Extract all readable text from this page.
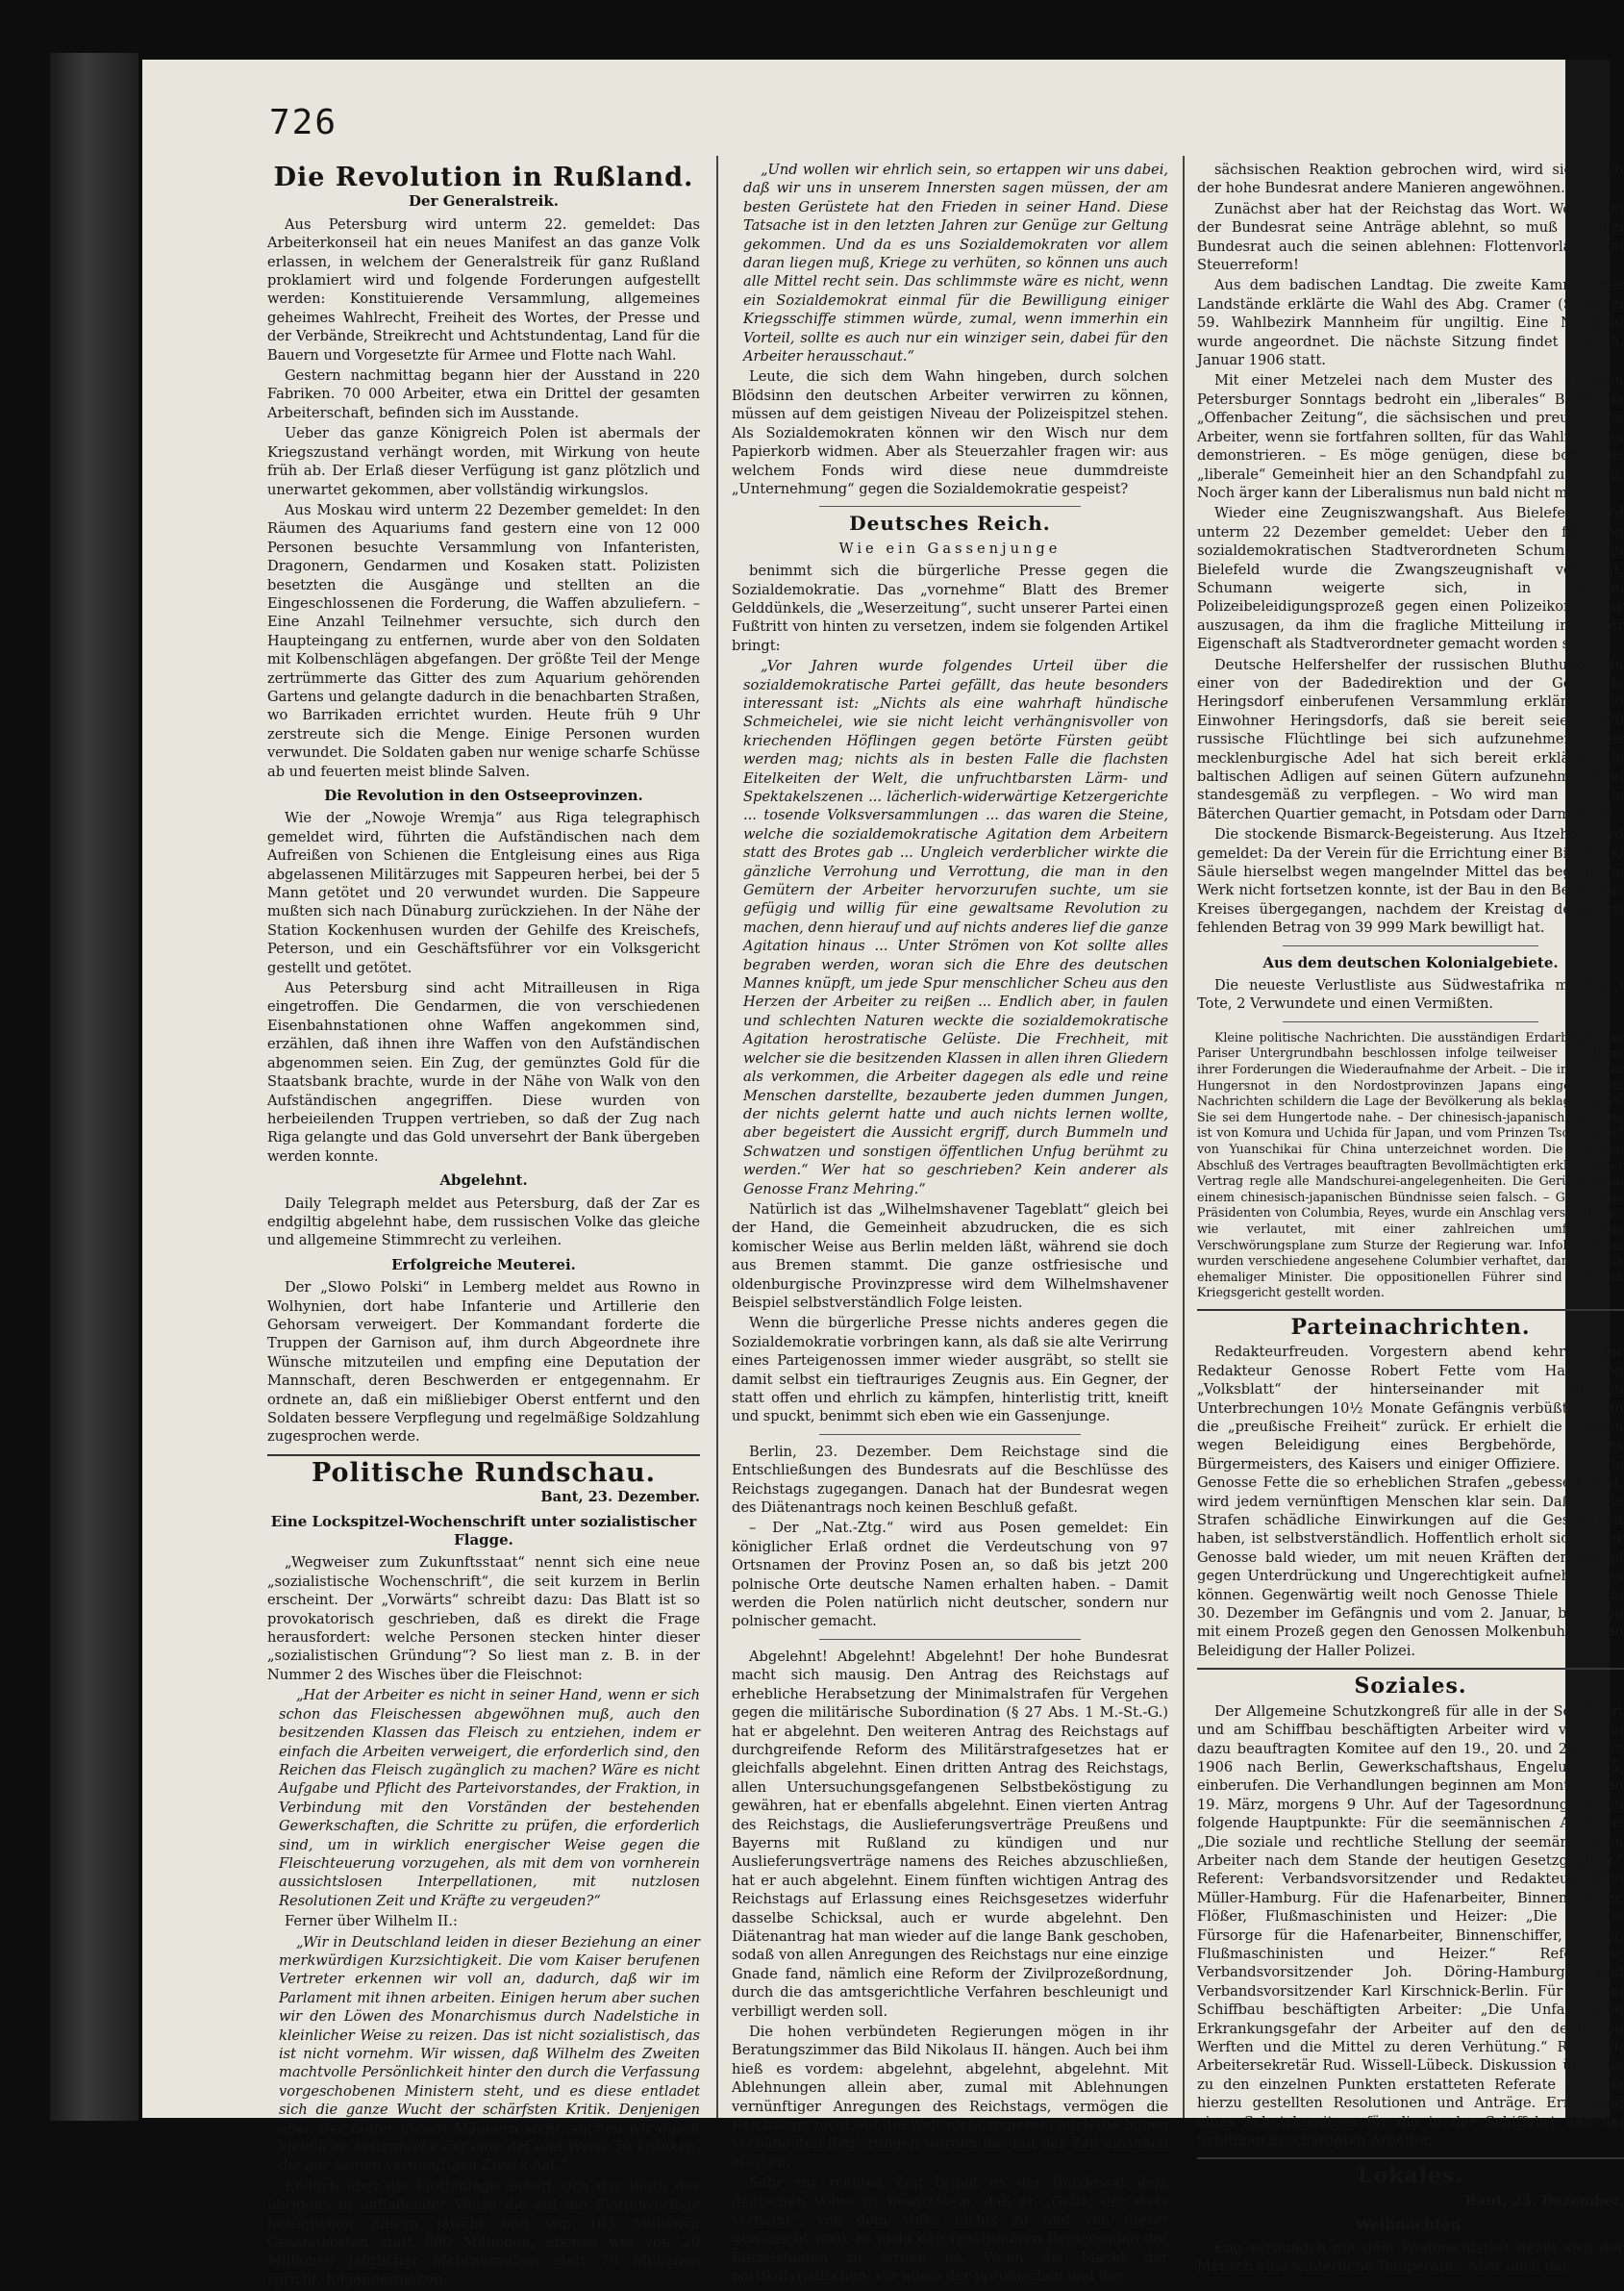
726
Die Revolution in Rußland.
Der Generalstreik.

Aus Petersburg wird unterm 22. gemeldet: Das Arbeiterkonseil hat ein neues Manifest an das ganze Volk erlassen, in welchem der Generalstreik für ganz Rußland proklamiert wird und folgende Forderungen aufgestellt werden: Konstituierende Versammlung, allgemeines geheimes Wahlrecht, Freiheit des Wortes, der Presse und der Verbände, Streikrecht und Achtstundentag, Land für die Bauern und Vorgesetzte für Armee und Flotte nach Wahl.

Gestern nachmittag begann hier der Ausstand in 220 Fabriken. 70 000 Arbeiter, etwa ein Drittel der gesamten Arbeiterschaft, befinden sich im Ausstande.

Ueber das ganze Königreich Polen ist abermals der Kriegszustand verhängt worden, mit Wirkung von heute früh ab. Der Erlaß dieser Verfügung ist ganz plötzlich und unerwartet gekommen, aber vollständig wirkungslos.

Aus Moskau wird unterm 22 Dezember gemeldet: In den Räumen des Aquariums fand gestern eine von 12 000 Personen besuchte Versammlung von Infanteristen, Dragonern, Gendarmen und Kosaken statt. Polizisten besetzten die Ausgänge und stellten an die Eingeschlossenen die Forderung, die Waffen abzuliefern. – Eine Anzahl Teilnehmer versuchte, sich durch den Haupteingang zu entfernen, wurde aber von den Soldaten mit Kolbenschlägen abgefangen. Der größte Teil der Menge zertrümmerte das Gitter des zum Aquarium gehörenden Gartens und gelangte dadurch in die benachbarten Straßen, wo Barrikaden errichtet wurden. Heute früh 9 Uhr zerstreute sich die Menge. Einige Personen wurden verwundet. Die Soldaten gaben nur wenige scharfe Schüsse ab und feuerten meist blinde Salven.

Die Revolution in den Ostseeprovinzen.

Wie der „Nowoje Wremja“ aus Riga telegraphisch gemeldet wird, führten die Aufständischen nach dem Aufreißen von Schienen die Entgleisung eines aus Riga abgelassenen Militärzuges mit Sappeuren herbei, bei der 5 Mann getötet und 20 verwundet wurden. Die Sappeure mußten sich nach Dünaburg zurückziehen. In der Nähe der Station Kockenhusen wurden der Gehilfe des Kreischefs, Peterson, und ein Geschäftsführer vor ein Volksgericht gestellt und getötet.

Aus Petersburg sind acht Mitrailleusen in Riga eingetroffen. Die Gendarmen, die von verschiedenen Eisenbahnstationen ohne Waffen angekommen sind, erzählen, daß ihnen ihre Waffen von den Aufständischen abgenommen seien. Ein Zug, der gemünztes Gold für die Staatsbank brachte, wurde in der Nähe von Walk von den Aufständischen angegriffen. Diese wurden von herbeieilenden Truppen vertrieben, so daß der Zug nach Riga gelangte und das Gold unversehrt der Bank übergeben werden konnte.

Abgelehnt.

Daily Telegraph meldet aus Petersburg, daß der Zar es endgiltig abgelehnt habe, dem russischen Volke das gleiche und allgemeine Stimmrecht zu verleihen.

Erfolgreiche Meuterei.

Der „Slowo Polski“ in Lemberg meldet aus Rowno in Wolhynien, dort habe Infanterie und Artillerie den Gehorsam verweigert. Der Kommandant forderte die Truppen der Garnison auf, ihm durch Abgeordnete ihre Wünsche mitzuteilen und empfing eine Deputation der Mannschaft, deren Beschwerden er entgegennahm. Er ordnete an, daß ein mißliebiger Oberst entfernt und den Soldaten bessere Verpflegung und regelmäßige Soldzahlung zugesprochen werde.

Politische Rundschau.
Bant, 23. Dezember.
Eine Lockspitzel-Wochenschrift unter sozialistischer Flagge.

„Wegweiser zum Zukunftsstaat“ nennt sich eine neue „sozialistische Wochenschrift“, die seit kurzem in Berlin erscheint. Der „Vorwärts“ schreibt dazu: Das Blatt ist so provokatorisch geschrieben, daß es direkt die Frage herausfordert: welche Personen stecken hinter dieser „sozialistischen Gründung“? So liest man z. B. in der Nummer 2 des Wisches über die Fleischnot:

„Hat der Arbeiter es nicht in seiner Hand, wenn er sich schon das Fleischessen abgewöhnen muß, auch den besitzenden Klassen das Fleisch zu entziehen, indem er einfach die Arbeiten verweigert, die erforderlich sind, den Reichen das Fleisch zugänglich zu machen? Wäre es nicht Aufgabe und Pflicht des Parteivorstandes, der Fraktion, in Verbindung mit den Vorständen der bestehenden Gewerkschaften, die Schritte zu prüfen, die erforderlich sind, um in wirklich energischer Weise gegen die Fleischteuerung vorzugehen, als mit dem von vornherein aussichtslosen Interpellationen, mit nutzlosen Resolutionen Zeit und Kräfte zu vergeuden?“

Ferner über Wilhelm II.:

„Wir in Deutschland leiden in dieser Beziehung an einer merkwürdigen Kurzsichtigkeit. Die vom Kaiser berufenen Vertreter erkennen wir voll an, dadurch, daß wir im Parlament mit ihnen arbeiten. Einigen herum aber suchen wir den Löwen des Monarchismus durch Nadelstiche in kleinlicher Weise zu reizen. Das ist nicht sozialistisch, das ist nicht vornehm. Wir wissen, daß Wilhelm des Zweiten machtvolle Persönlichkeit hinter den durch die Verfassung vorgeschobenen Ministern steht, und es diese entladet sich die ganze Wucht der schärfsten Kritik. Denjenigen aber, der hinter diesen Männern steht, suchen wir durch kleinliche Seitenhiebe auf eine Art und Weise zu kränken, die gar keinen vernünftigen Zweck hat.“

Endlich über die Flottenlage äußert sich das Blatt, das übrigens in auffallender Weise die auf die Flottenvorlage bezüglichen Ziffern fälscht und von 165 Millionen Gesamtkosten statt 800 Millionen, ebenso wie von 20 Millionen jährlicher Mehrausgaben statt 70 Millionen spricht, folgendermaßen:

„Und wollen wir ehrlich sein, so ertappen wir uns dabei, daß wir uns in unserem Innersten sagen müssen, der am besten Gerüstete hat den Frieden in seiner Hand. Diese Tatsache ist in den letzten Jahren zur Genüge zur Geltung gekommen. Und da es uns Sozialdemokraten vor allem daran liegen muß, Kriege zu verhüten, so können uns auch alle Mittel recht sein. Das schlimmste wäre es nicht, wenn ein Sozialdemokrat einmal für die Bewilligung einiger Kriegsschiffe stimmen würde, zumal, wenn immerhin ein Vorteil, sollte es auch nur ein winziger sein, dabei für den Arbeiter herausschaut.“

Leute, die sich dem Wahn hingeben, durch solchen Blödsinn den deutschen Arbeiter verwirren zu können, müssen auf dem geistigen Niveau der Polizeispitzel stehen. Als Sozialdemokraten können wir den Wisch nur dem Papierkorb widmen. Aber als Steuerzahler fragen wir: aus welchem Fonds wird diese neue dummdreiste „Unternehmung“ gegen die Sozialdemokratie gespeist?

Deutsches Reich.
Wie ein Gassenjunge

benimmt sich die bürgerliche Presse gegen die Sozialdemokratie. Das „vornehme“ Blatt des Bremer Gelddünkels, die „Weserzeitung“, sucht unserer Partei einen Fußtritt von hinten zu versetzen, indem sie folgenden Artikel bringt:

„Vor Jahren wurde folgendes Urteil über die sozialdemokratische Partei gefällt, das heute besonders interessant ist: „Nichts als eine wahrhaft hündische Schmeichelei, wie sie nicht leicht verhängnisvoller von kriechenden Höflingen gegen betörte Fürsten geübt werden mag; nichts als in besten Falle die flachsten Eitelkeiten der Welt, die unfruchtbarsten Lärm- und Spektakelszenen ... lächerlich-widerwärtige Ketzergerichte ... tosende Volksversammlungen ... das waren die Steine, welche die sozialdemokratische Agitation dem Arbeitern statt des Brotes gab ... Ungleich verderblicher wirkte die gänzliche Verrohung und Verrottung, die man in den Gemütern der Arbeiter hervorzurufen suchte, um sie gefügig und willig für eine gewaltsame Revolution zu machen, denn hierauf und auf nichts anderes lief die ganze Agitation hinaus ... Unter Strömen von Kot sollte alles begraben werden, woran sich die Ehre des deutschen Mannes knüpft, um jede Spur menschlicher Scheu aus den Herzen der Arbeiter zu reißen ... Endlich aber, in faulen und schlechten Naturen weckte die sozialdemokratische Agitation herostratische Gelüste. Die Frechheit, mit welcher sie die besitzenden Klassen in allen ihren Gliedern als verkommen, die Arbeiter dagegen als edle und reine Menschen darstellte, bezauberte jeden dummen Jungen, der nichts gelernt hatte und auch nichts lernen wollte, aber begeistert die Aussicht ergriff, durch Bummeln und Schwatzen und sonstigen öffentlichen Unfug berühmt zu werden.“ Wer hat so geschrieben? Kein anderer als Genosse Franz Mehring.“

Natürlich ist das „Wilhelmshavener Tageblatt“ gleich bei der Hand, die Gemeinheit abzudrucken, die es sich komischer Weise aus Berlin melden läßt, während sie doch aus Bremen stammt. Die ganze ostfriesische und oldenburgische Provinzpresse wird dem Wilhelmshavener Beispiel selbstverständlich Folge leisten.

Wenn die bürgerliche Presse nichts anderes gegen die Sozialdemokratie vorbringen kann, als daß sie alte Verirrung eines Parteigenossen immer wieder ausgräbt, so stellt sie damit selbst ein tieftrauriges Zeugnis aus. Ein Gegner, der statt offen und ehrlich zu kämpfen, hinterlistig tritt, kneift und spuckt, benimmt sich eben wie ein Gassenjunge.

Berlin, 23. Dezember. Dem Reichstage sind die Entschließungen des Bundesrats auf die Beschlüsse des Reichstags zugegangen. Danach hat der Bundesrat wegen des Diätenantrags noch keinen Beschluß gefaßt.

– Der „Nat.-Ztg.“ wird aus Posen gemeldet: Ein königlicher Erlaß ordnet die Verdeutschung von 97 Ortsnamen der Provinz Posen an, so daß bis jetzt 200 polnische Orte deutsche Namen erhalten haben. – Damit werden die Polen natürlich nicht deutscher, sondern nur polnischer gemacht.

Abgelehnt! Abgelehnt! Abgelehnt! Der hohe Bundesrat macht sich mausig. Den Antrag des Reichstags auf erhebliche Herabsetzung der Minimalstrafen für Vergehen gegen die militärische Subordination (§ 27 Abs. 1 M.-St.-G.) hat er abgelehnt. Den weiteren Antrag des Reichstags auf durchgreifende Reform des Militärstrafgesetzes hat er gleichfalls abgelehnt. Einen dritten Antrag des Reichstags, allen Untersuchungsgefangenen Selbstbeköstigung zu gewähren, hat er ebenfalls abgelehnt. Einen vierten Antrag des Reichstags, die Auslieferungsverträge Preußens und Bayerns mit Rußland zu kündigen und nur Auslieferungsverträge namens des Reiches abzuschließen, hat er auch abgelehnt. Einem fünften wichtigen Antrag des Reichstags auf Erlassung eines Reichsgesetzes widerfuhr dasselbe Schicksal, auch er wurde abgelehnt. Den Diätenantrag hat man wieder auf die lange Bank geschoben, sodaß von allen Anregungen des Reichstags nur eine einzige Gnade fand, nämlich eine Reform der Zivilprozeßordnung, durch die das amtsgerichtliche Verfahren beschleunigt und verbilligt werden soll.

Die hohen verbündeten Regierungen mögen in ihr Beratungszimmer das Bild Nikolaus II. hängen. Auch bei ihm hieß es vordem: abgelehnt, abgelehnt, abgelehnt. Mit Ablehnungen allein aber, zumal mit Ablehnungen vernünftiger Anregungen des Reichstags, vermögen die Reichstags nicht auf die Welt nicht regieren; auch die hohen verbündeten Regierungen werden das mit der Zeit einsehen müssen.

Sehr zur rechten Zeit bringt es der Bundesrat dem deutschen Volke zu Bewußtsein, daß er „Geist, der stets verneint“, von dem Volke nichts zu und von dieser gewünscht wird, es nicht den reaktionären Regierungen der Einzelstaaten zu lernen ist. Wenn die Macht der partikularistischen, vor allem der preußischen und der

sächsischen Reaktion gebrochen wird, wird sich auch der hohe Bundesrat andere Manieren angewöhnen.

Zunächst aber hat der Reichstag das Wort. Wenn ihm der Bundesrat seine Anträge ablehnt, so muß er dem Bundesrat auch die seinen ablehnen: Flottenvorlage und Steuerreform!

Aus dem badischen Landtag. Die zweite Kammer der Landstände erklärte die Wahl des Abg. Cramer (Soz.) im 59. Wahlbezirk Mannheim für ungiltig. Eine Neuwahl wurde angeordnet. Die nächste Sitzung findet am 15. Januar 1906 statt.

Mit einer Metzelei nach dem Muster des blutigen Petersburger Sonntags bedroht ein „liberales“ Blatt, die „Offenbacher Zeitung“, die sächsischen und preußischen Arbeiter, wenn sie fortfahren sollten, für das Wahlrecht zu demonstrieren. – Es möge genügen, diese bodenlose „liberale“ Gemeinheit hier an den Schandpfahl zu nageln. Noch ärger kann der Liberalismus nun bald nicht mehr.

Wieder eine Zeugniszwangshaft. Aus Bielefeld wird unterm 22 Dezember gemeldet: Ueber den früheren sozialdemokratischen Stadtverordneten Schumann in Bielefeld wurde die Zwangszeugnishaft verhängt. Schumann weigerte sich, in einem Polizeibeleidigungsprozeß gegen einen Polizeikommissar auszusagen, da ihm die fragliche Mitteilung in seiner Eigenschaft als Stadtverordneter gemacht worden sei.

Deutsche Helfershelfer der russischen Bluthunde. In einer von der Badedirektion und der Gemeinde Heringsdorf einberufenen Versammlung erklärten 80 Einwohner Heringsdorfs, daß sie bereit seien, 170 russische Flüchtlinge bei sich aufzunehmen. Der mecklenburgische Adel hat sich bereit erklärt, die baltischen Adligen auf seinen Gütern aufzunehmen und standesgemäß zu verpflegen. – Wo wird man für die Bäterchen Quartier gemacht, in Potsdam oder Darmstadt?

Die stockende Bismarck-Begeisterung. Aus Itzehoe wird gemeldet: Da der Verein für die Errichtung einer Bismarck-Säule hierselbst wegen mangelnder Mittel das begonnene Werk nicht fortsetzen konnte, ist der Bau in den Besitz des Kreises übergegangen, nachdem der Kreistag den noch fehlenden Betrag von 39 999 Mark bewilligt hat.

Aus dem deutschen Kolonialgebiete.

Die neueste Verlustliste aus Südwestafrika meldet 3 Tote, 2 Verwundete und einen Vermißten.

Kleine politische Nachrichten. Die ausständigen Erdarbeiter der Pariser Untergrundbahn beschlossen infolge teilweiser Erfüllung ihrer Forderungen die Wiederaufnahme der Arbeit. – Die infolge der Hungersnot in den Nordostprovinzen Japans eingelaufenen Nachrichten schildern die Lage der Bevölkerung als beklagenswert. Sie sei dem Hungertode nahe. – Der chinesisch-japanische Vertrag ist von Komura und Uchida für Japan, und vom Prinzen Tsching und von Yuanschikai für China unterzeichnet worden. Die für den Abschluß des Vertrages beauftragten Bevollmächtigten erklären, der Vertrag regle alle Mandschurei-angelegenheiten. Die Gerüchte von einem chinesisch-japanischen Bündnisse seien falsch. – Gegen den Präsidenten von Columbia, Reyes, wurde ein Anschlag versucht, der, wie verlautet, mit einer zahlreichen umfassenden Verschwörungsplane zum Sturze der Regierung war. Infolgedessen wurden verschiedene angesehene Columbier verhaftet, darunter ein ehemaliger Minister. Die oppositionellen Führer sind vor ein Kriegsgericht gestellt worden.

Parteinachrichten.

Redakteurfreuden. Vorgestern abend kehrte der Redakteur Genosse Robert Fette vom Halleschen „Volksblatt“ der hinterseinander mit einigen Unterbrechungen 10½ Monate Gefängnis verbüßt hat, in die „preußische Freiheit“ zurück. Er erhielt die Strafen wegen Beleidigung eines Bergbehörde, eines Bürgermeisters, des Kaisers und einiger Offiziere. Wer wie Genosse Fette die so erheblichen Strafen „gebessert“ hat, wird jedem vernünftigen Menschen klar sein. Daß solche Strafen schädliche Einwirkungen auf die Gesundheit haben, ist selbstverständlich. Hoffentlich erholt sich unser Genosse bald wieder, um mit neuen Kräften den Kampf gegen Unterdrückung und Ungerechtigkeit aufnehmen zu können. Gegenwärtig weilt noch Genosse Thiele bis zum 30. Dezember im Gefängnis und vom 2. Januar, beginnen mit einem Prozeß gegen den Genossen Molkenbuhr wegen Beleidigung der Haller Polizei.

Soziales.

Der Allgemeine Schutzkongreß für alle in der Schiffahrt und am Schiffbau beschäftigten Arbeiter wird von dem dazu beauftragten Komitee auf den 19., 20. und 21. März 1906 nach Berlin, Gewerkschaftshaus, Engelufer 15, einberufen. Die Verhandlungen beginnen am Montag, den 19. März, morgens 9 Uhr. Auf der Tagesordnung stehen folgende Hauptpunkte: Für die seemännischen Arbeiter: „Die soziale und rechtliche Stellung der seemännischen Arbeiter nach dem Stande der heutigen Gesetzgebung.“ Referent: Verbandsvorsitzender und Redakteur Paul Müller-Hamburg. Für die Hafenarbeiter, Binnenschiffer, Flößer, Flußmaschinisten und Heizer: „Die soziale Fürsorge für die Hafenarbeiter, Binnenschiffer, Flößer, Flußmaschinisten und Heizer.“ Referenten: Verbandsvorsitzender Joh. Döring-Hamburg und Verbandsvorsitzender Karl Kirschnick-Berlin. Für die am Schiffbau beschäftigten Arbeiter: „Die Unfall- und Erkrankungsgefahr der Arbeiter auf den deutschen Werften und die Mittel zu deren Verhütung.“ Referent: Arbeitersekretär Rud. Wissell-Lübeck. Diskussion über die zu den einzelnen Punkten erstatteten Referate und die hierzu gestellten Resolutionen und Anträge. Errichtung eines Schutzkomitees für die in der Schiffahrt und am Schiffbau beschäftigten Arbeiter.

Lokales.
Bant, 23. Dezember.
Weihnachten.

Eng verbunden mit dem Weihnachtsfest denkt sich der Mensch eine winterliche Temperatur. Aber auch das
